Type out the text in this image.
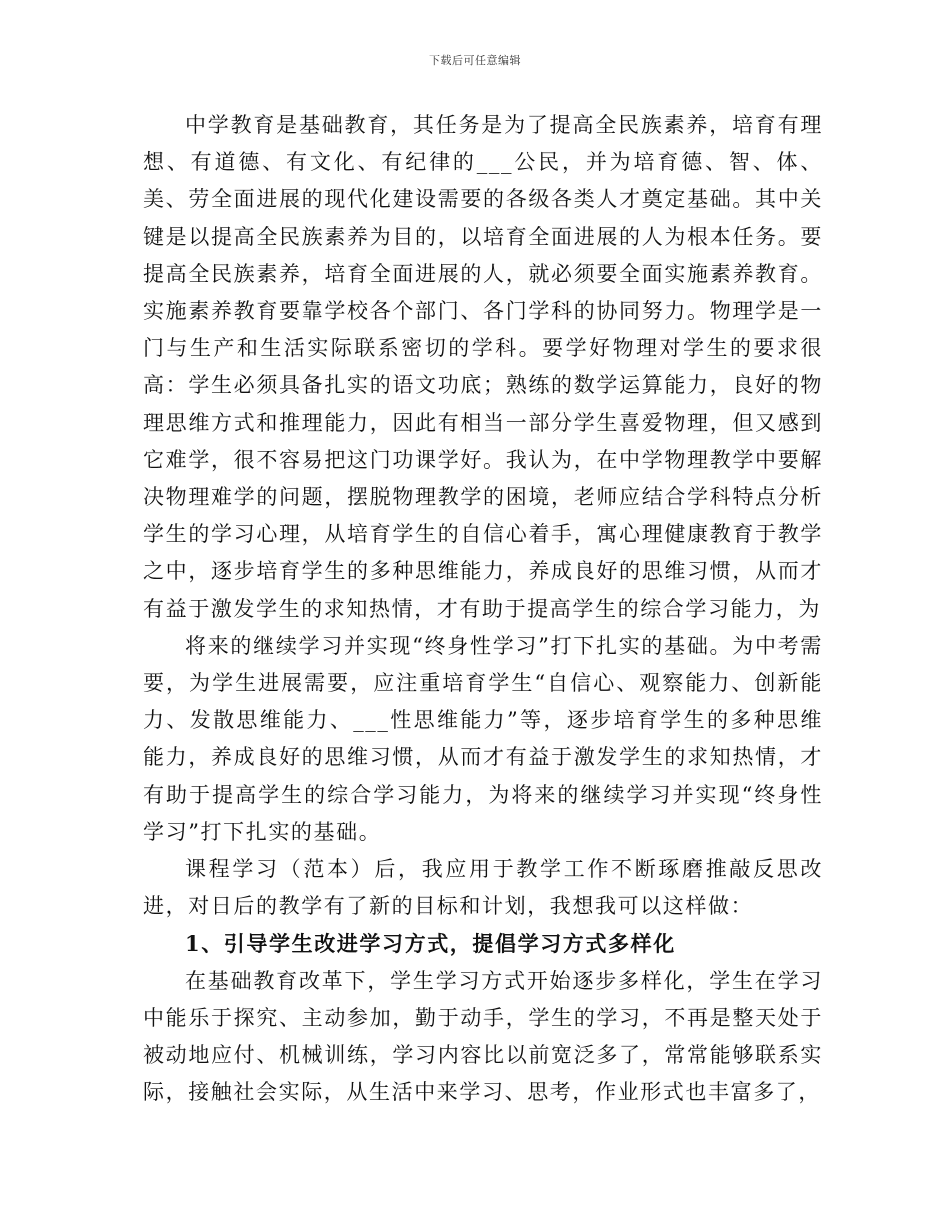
下载后可任意编辑

中学教育是基础教育，其任务是为了提高全民族素养，培育有理想、有道德、有文化、有纪律的___公民，并为培育德、智、体、美、劳全面进展的现代化建设需要的各级各类人才奠定基础。其中关键是以提高全民族素养为目的，以培育全面进展的人为根本任务。要提高全民族素养，培育全面进展的人，就必须要全面实施素养教育。实施素养教育要靠学校各个部门、各门学科的协同努力。物理学是一门与生产和生活实际联系密切的学科。要学好物理对学生的要求很高：学生必须具备扎实的语文功底；熟练的数学运算能力，良好的物理思维方式和推理能力，因此有相当一部分学生喜爱物理，但又感到它难学，很不容易把这门功课学好。我认为，在中学物理教学中要解决物理难学的问题，摆脱物理教学的困境，老师应结合学科特点分析学生的学习心理，从培育学生的自信心着手，寓心理健康教育于教学之中，逐步培育学生的多种思维能力，养成良好的思维习惯，从而才有益于激发学生的求知热情，才有助于提高学生的综合学习能力，为

将来的继续学习并实现“终身性学习”打下扎实的基础。为中考需要，为学生进展需要，应注重培育学生“自信心、观察能力、创新能力、发散思维能力、___性思维能力”等，逐步培育学生的多种思维能力，养成良好的思维习惯，从而才有益于激发学生的求知热情，才有助于提高学生的综合学习能力，为将来的继续学习并实现“终身性学习”打下扎实的基础。

课程学习（范本）后，我应用于教学工作不断琢磨推敲反思改进，对日后的教学有了新的目标和计划，我想我可以这样做：

1、引导学生改进学习方式，提倡学习方式多样化

在基础教育改革下，学生学习方式开始逐步多样化，学生在学习中能乐于探究、主动参加，勤于动手，学生的学习，不再是整天处于被动地应付、机械训练，学习内容比以前宽泛多了，常常能够联系实际，接触社会实际，从生活中来学习、思考，作业形式也丰富多了，
